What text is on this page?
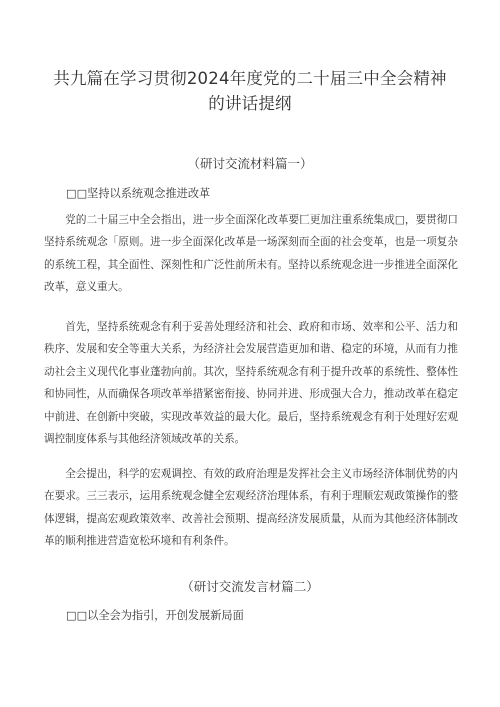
共九篇在学习贯彻2024年度党的二十届三中全会精神
的讲话提纲
（研讨交流材料篇一）
□□坚持以系统观念推进改革

党的二十届三中全会指出，进一步全面深化改革要匚更加注重系统集成□，要贯彻口坚持系统观念「原则。进一步全面深化改革是一场深刻而全面的社会变革，也是一项复杂的系统工程，其全面性、深刻性和广泛性前所未有。坚持以系统观念进一步推进全面深化改革，意义重大。

首先，坚持系统观念有利于妥善处理经济和社会、政府和市场、效率和公平、活力和秩序、发展和安全等重大关系，为经济社会发展营造更加和谐、稳定的环境，从而有力推动社会主义现代化事业蓬勃向前。其次，坚持系统观念有利于提升改革的系统性、整体性和协同性，从而确保各项改革举措紧密衔接、协同并进、形成强大合力，推动改革在稳定中前进、在创新中突破，实现改革效益的最大化。最后，坚持系统观念有利于处理好宏观调控制度体系与其他经济领域改革的关系。

全会提出，科学的宏观调控、有效的政府治理是发挥社会主义市场经济体制优势的内在要求。三三表示，运用系统观念健全宏观经济治理体系，有利于理顺宏观政策操作的整体逻辑，提高宏观政策效率、改善社会预期、提高经济发展质量，从而为其他经济体制改革的顺利推进营造宽松环境和有利条件。

（研讨交流发言材篇二）
□□以全会为指引，开创发展新局面
